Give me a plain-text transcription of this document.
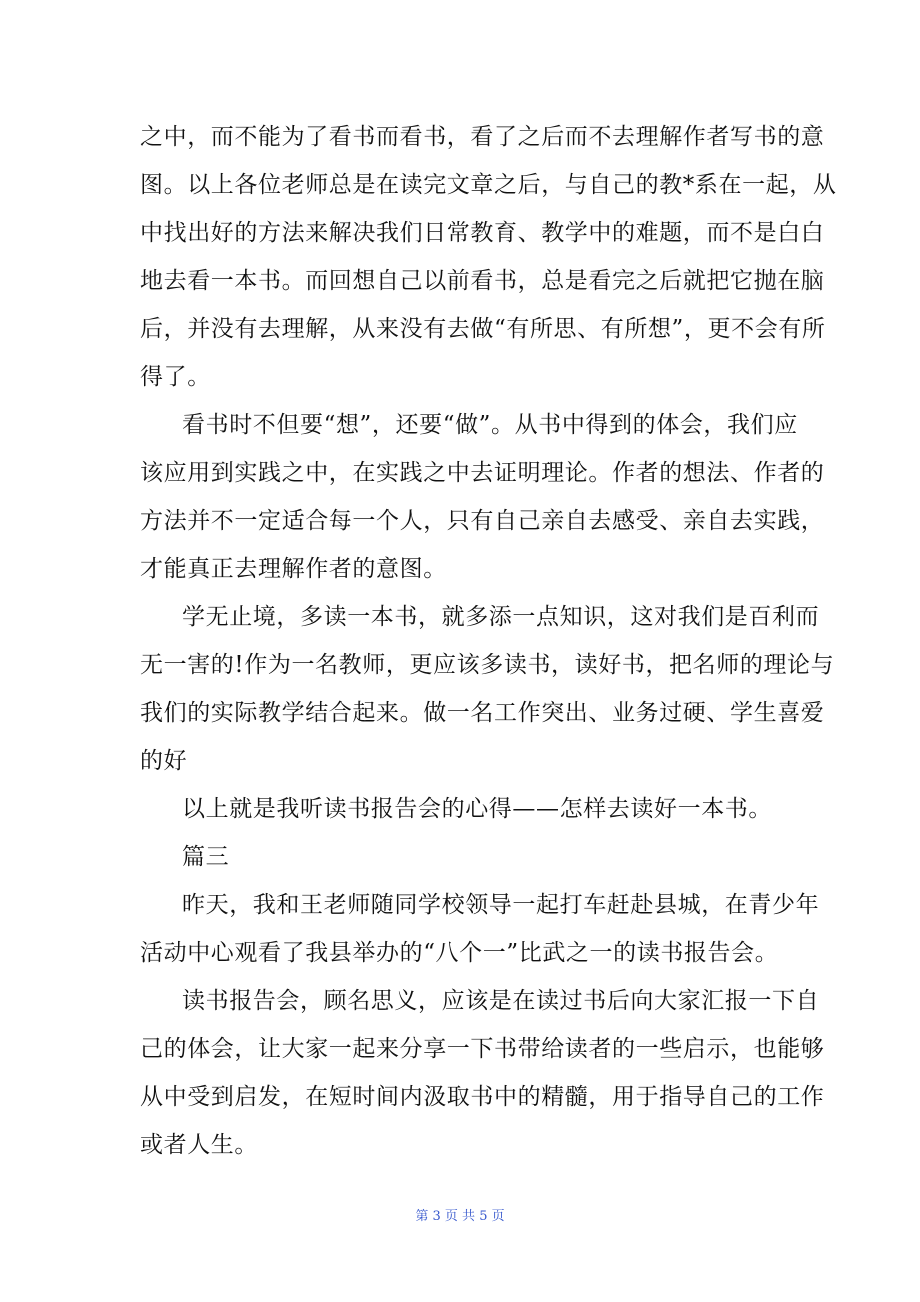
之中，而不能为了看书而看书，看了之后而不去理解作者写书的意
图。以上各位老师总是在读完文章之后，与自己的教*系在一起，从
中找出好的方法来解决我们日常教育、教学中的难题，而不是白白
地去看一本书。而回想自己以前看书，总是看完之后就把它抛在脑
后，并没有去理解，从来没有去做“有所思、有所想”，更不会有所
得了。
看书时不但要“想”，还要“做”。从书中得到的体会，我们应
该应用到实践之中，在实践之中去证明理论。作者的想法、作者的
方法并不一定适合每一个人，只有自己亲自去感受、亲自去实践，
才能真正去理解作者的意图。
学无止境，多读一本书，就多添一点知识，这对我们是百利而
无一害的!作为一名教师，更应该多读书，读好书，把名师的理论与
我们的实际教学结合起来。做一名工作突出、业务过硬、学生喜爱
的好
以上就是我听读书报告会的心得——怎样去读好一本书。
篇三
昨天，我和王老师随同学校领导一起打车赶赴县城，在青少年
活动中心观看了我县举办的“八个一”比武之一的读书报告会。
读书报告会，顾名思义，应该是在读过书后向大家汇报一下自
己的体会，让大家一起来分享一下书带给读者的一些启示，也能够
从中受到启发，在短时间内汲取书中的精髓，用于指导自己的工作
或者人生。
第 3 页 共 5 页
